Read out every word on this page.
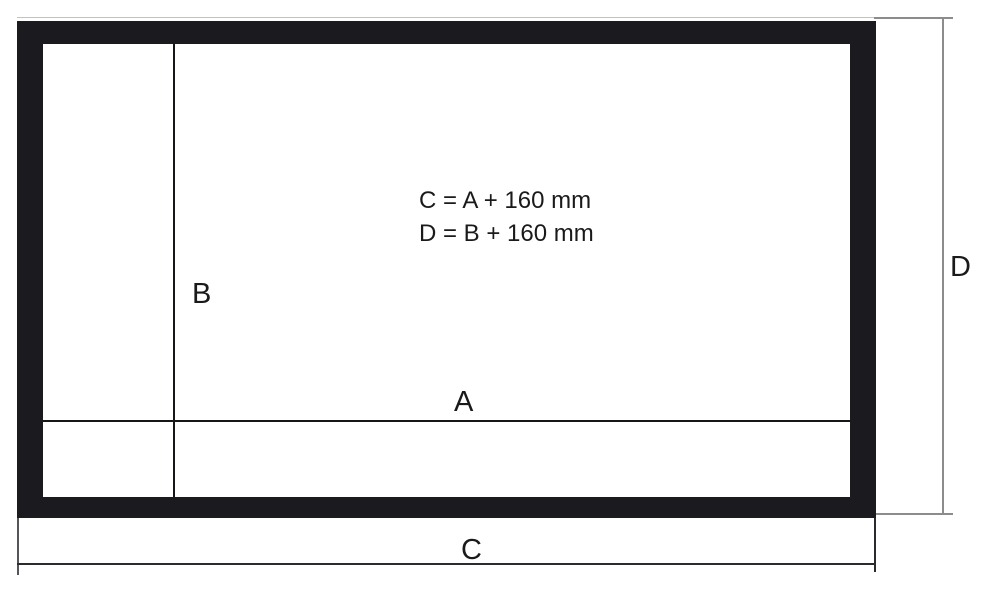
B
A
C
D
C = A + 160 mm
D = B + 160 mm
